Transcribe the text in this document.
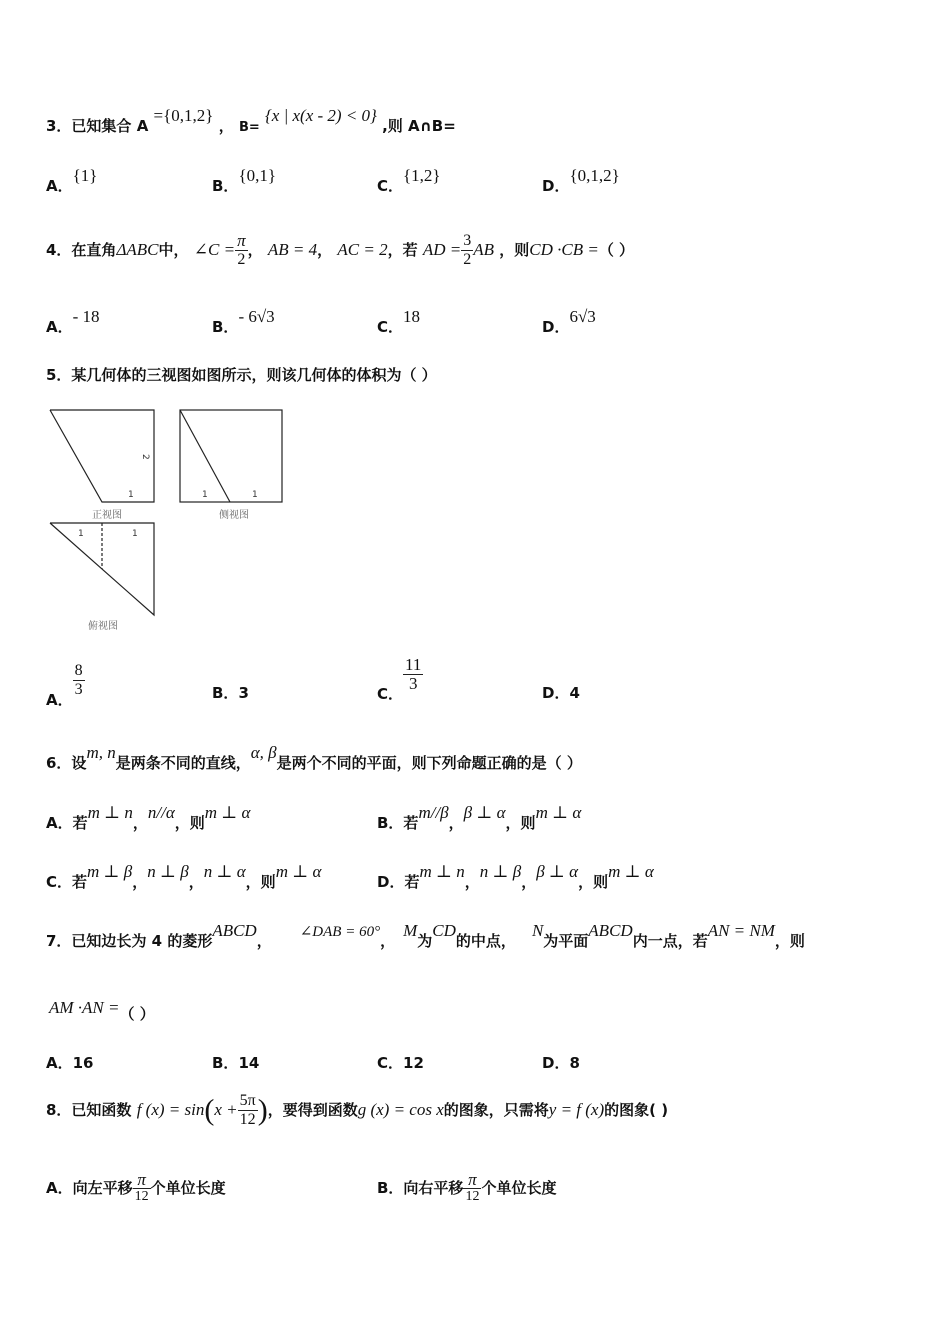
3．已知集合 A ={0,1,2} ， B= {x | x(x - 2) < 0} ,则 A∩B=
A．{1}
B．{0,1}
C．{1,2}
D．{0,1,2}
4．在直角ΔABC中， ∠C = $\frac{\pi}{2}$ ， AB = 4， AC = 2，若 AD = $\frac{3}{2}$ AB ，则CD ·CB =（ ）
A．- 18
B．- 6√3
C．18
D．6√3
5．某几何体的三视图如图所示，则该几何体的体积为（ ）
1
2
正视图
1	1
侧视图
1	1
俯视图
A．
$\frac{8}{3}$	B．3	C．
$\frac{11}{3}$	D．4
6．设m, n是两条不同的直线，α, β是两个不同的平面，则下列命题正确的是（ ）
A．若m ⊥ n，n//α，则m ⊥ α
B．若m//β，β ⊥ α，则m ⊥ α
C．若m ⊥ β，n ⊥ β，n ⊥ α，则m ⊥ α
D．若m ⊥ n，n ⊥ β，β ⊥ α，则m ⊥ α
7．已知边长为 4 的菱形ABCD， ∠DAB = 60°，M为CD的中点，N为平面ABCD内一点，若AN = NM，则
AM ·AN =（ ）
A．16	B．14	C．12	D．8
8．已知函数 f $(x) = \sin(x + \frac{5\pi}{12}$ )，要得到函数g (x) = cos x的图象，只需将y = f (x)的图象( )
A．向左平移 $\frac{\pi}{12}$ 个单位长度	B．向右平移 $\frac{\pi}{12}$ 个单位长度
